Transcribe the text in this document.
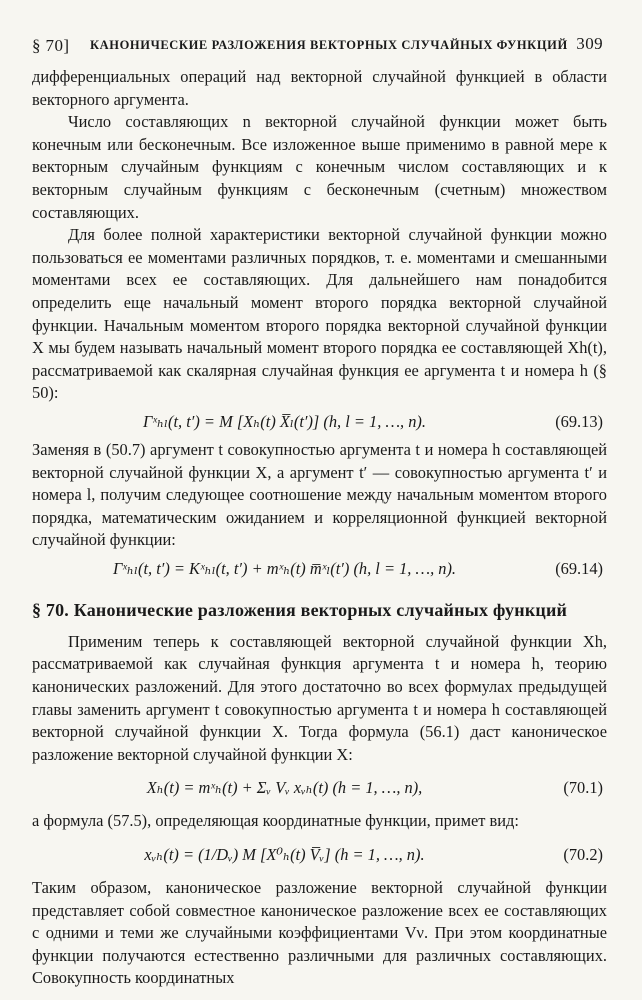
§ 70] КАНОНИЧЕСКИЕ РАЗЛОЖЕНИЯ ВЕКТОРНЫХ СЛУЧАЙНЫХ ФУНКЦИЙ 309

дифференциальных операций над векторной случайной функцией в области векторного аргумента.

Число составляющих n векторной случайной функции может быть конечным или бесконечным. Все изложенное выше применимо в равной мере к векторным случайным функциям с конечным числом составляющих и к векторным случайным функциям с бесконечным (счетным) множеством составляющих.

Для более полной характеристики векторной случайной функции можно пользоваться ее моментами различных порядков, т. е. моментами и смешанными моментами всех ее составляющих. Для дальнейшего нам понадобится определить еще начальный момент второго порядка векторной случайной функции. Начальным моментом второго порядка векторной случайной функции X мы будем называть начальный момент второго порядка ее составляющей Xh(t), рассматриваемой как скалярная случайная функция ее аргумента t и номера h (§ 50):

Γˣₕₗ(t, t′) = M [Xₕ(t) X̅ₗ(t′)] (h, l = 1, …, n).	(69.13)

Заменяя в (50.7) аргумент t совокупностью аргумента t и номера h составляющей векторной случайной функции X, а аргумент t′ — совокупностью аргумента t′ и номера l, получим следующее соотношение между начальным моментом второго порядка, математическим ожиданием и корреляционной функцией векторной случайной функции:

Γˣₕₗ(t, t′) = Kˣₕₗ(t, t′) + mˣₕ(t) m̅ˣₗ(t′) (h, l = 1, …, n).	(69.14)
§ 70. Канонические разложения векторных случайных функций

Применим теперь к составляющей векторной случайной функции Xh, рассматриваемой как случайная функция аргумента t и номера h, теорию канонических разложений. Для этого достаточно во всех формулах предыдущей главы заменить аргумент t совокупностью аргумента t и номера h составляющей векторной случайной функции X. Тогда формула (56.1) даст каноническое разложение векторной случайной функции X:

Xₕ(t) = mˣₕ(t) + Σᵥ Vᵥ xᵥₕ(t) (h = 1, …, n),	(70.1)

а формула (57.5), определяющая координатные функции, примет вид:

xᵥₕ(t) = (1/Dᵥ) M [X⁰ₕ(t) V̅ᵥ] (h = 1, …, n).	(70.2)

Таким образом, каноническое разложение векторной случайной функции представляет собой совместное каноническое разложение всех ее составляющих с одними и теми же случайными коэффициентами Vν. При этом координатные функции получаются естественно различными для различных составляющих. Совокупность координатных
